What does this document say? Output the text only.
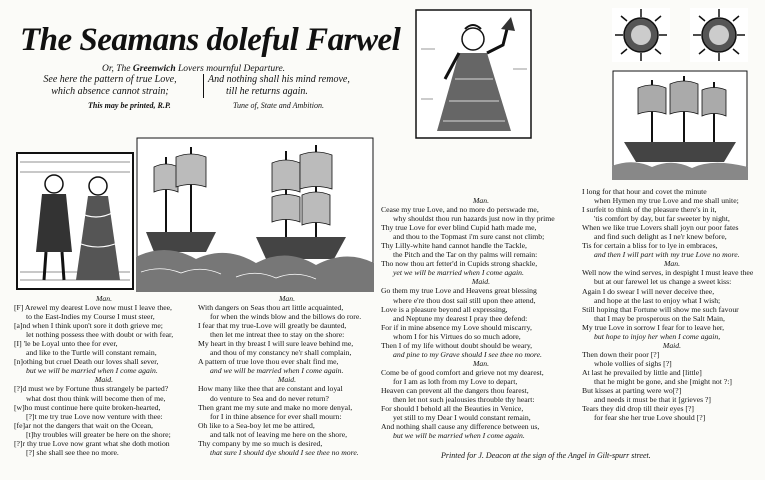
The Seamans doleful Farwel
Or, The Greenwich Lovers mournful Departure.
See here the pattern of true Love,
which absence cannot strain;
And nothing shall his mind remove,
till he returns again.
This may be printed, R.P.	Tune of, State and Ambition.
Man.
[F] Arewel my dearest Love now must I leave thee,
to the East-Indies my Course I must steer,
[a]nd when I think upon't sore it doth grieve me;
let nothing possess thee with doubt or with fear,
[I] 'le be Loyal unto thee for ever,
and like to the Turtle will constant remain,
[n]othing but cruel Death our loves shall sever,
but we will be married when I come again.
Maid.
[?]d must we by Fortune thus strangely be parted?
what dost thou think will become then of me,
[w]ho must continue here quite broken-hearted,
[?]t me try true Love now venture with thee:
[fe]ar not the dangers that wait on the Ocean,
[t]hy troubles will greater be here on the shore;
[?]r thy true Love now grant what she doth motion
[?] she shall see thee no more.
Man.
With dangers on Seas thou art little acquainted,
for when the winds blow and the billows do rore.
I fear that my true-Love will greatly be daunted,
then let me intreat thee to stay on the shore:
My heart in thy breast I will sure leave behind me,
and thou of my constancy ne'r shall complain,
A pattern of true love thou ever shalt find me,
and we will be married when I come again.
Maid.
How many like thee that are constant and loyal
do venture to Sea and do never return?
Then grant me my sute and make no more denyal,
for I in thine absence for ever shall mourn:
Oh like to a Sea-boy let me be attired,
and talk not of leaving me here on the shore,
Thy company by me so much is desired,
that sure I should dye should I see thee no more.
Man.
Cease my true Love, and no more do perswade me,
why shouldst thou run hazards just now in thy prime
Thy true Love for ever blind Cupid hath made me,
and thou to the Topmast i'm sure canst not climb;
Thy Lilly-white hand cannot handle the Tackle,
the Pitch and the Tar on thy palms will remain:
Tho now thou art fetter'd in Cupids strong shackle,
yet we will be married when I come again.
Maid.
Go them my true Love and Heavens great blessing
where e're thou dost sail still upon thee attend,
Love is a pleasure beyond all expressing,
and Neptune my dearest I pray thee defend:
For if in mine absence my Love should miscarry,
whom I for his Virtues do so much adore,
Then I of my life without doubt should be weary,
and pine to my Grave should I see thee no more.
Man.
Come be of good comfort and grieve not my dearest,
for I am as loth from my Love to depart,
Heaven can prevent all the dangers thou fearest,
then let not such jealousies throuble thy heart:
For should I behold all the Beauties in Venice,
yet still to my Dear I would constant remain,
And nothing shall cause any difference between us,
but we will be married when I come again.
I long for that hour and covet the minute
when Hymen my true Love and me shall unite;
I surfeit to think of the pleasure there's in it,
'tis comfort by day, but far sweeter by night,
When we like true Lovers shall joyn our poor fates
and find such delight as I ne'r knew before,
Tis for certain a bliss for to lye in embraces,
and then I will part with my true Love no more.
Man.
Well now the wind serves, in despight I must leave thee
but at our farewel let us change a sweet kiss:
Again I do swear I will never deceive thee,
and hope at the last to enjoy what I wish;
Still hoping that Fortune will show me such favour
that I may be prosperous on the Salt Main,
My true Love in sorrow I fear for to leave her,
but hope to injoy her when I come again,
Maid.
Then down their poor [?]
whole vollies of sighs [?]
At last he prevailed by little and [little]
that he might be gone, and she [might not ?:]
But kisses at parting were wo[?]
and needs it must be that it [grieves ?]
Tears they did drop till their eyes [?]
for fear she her true Love should [?]
Printed for J. Deacon at the sign of the Angel in Gilt-spurr street.
